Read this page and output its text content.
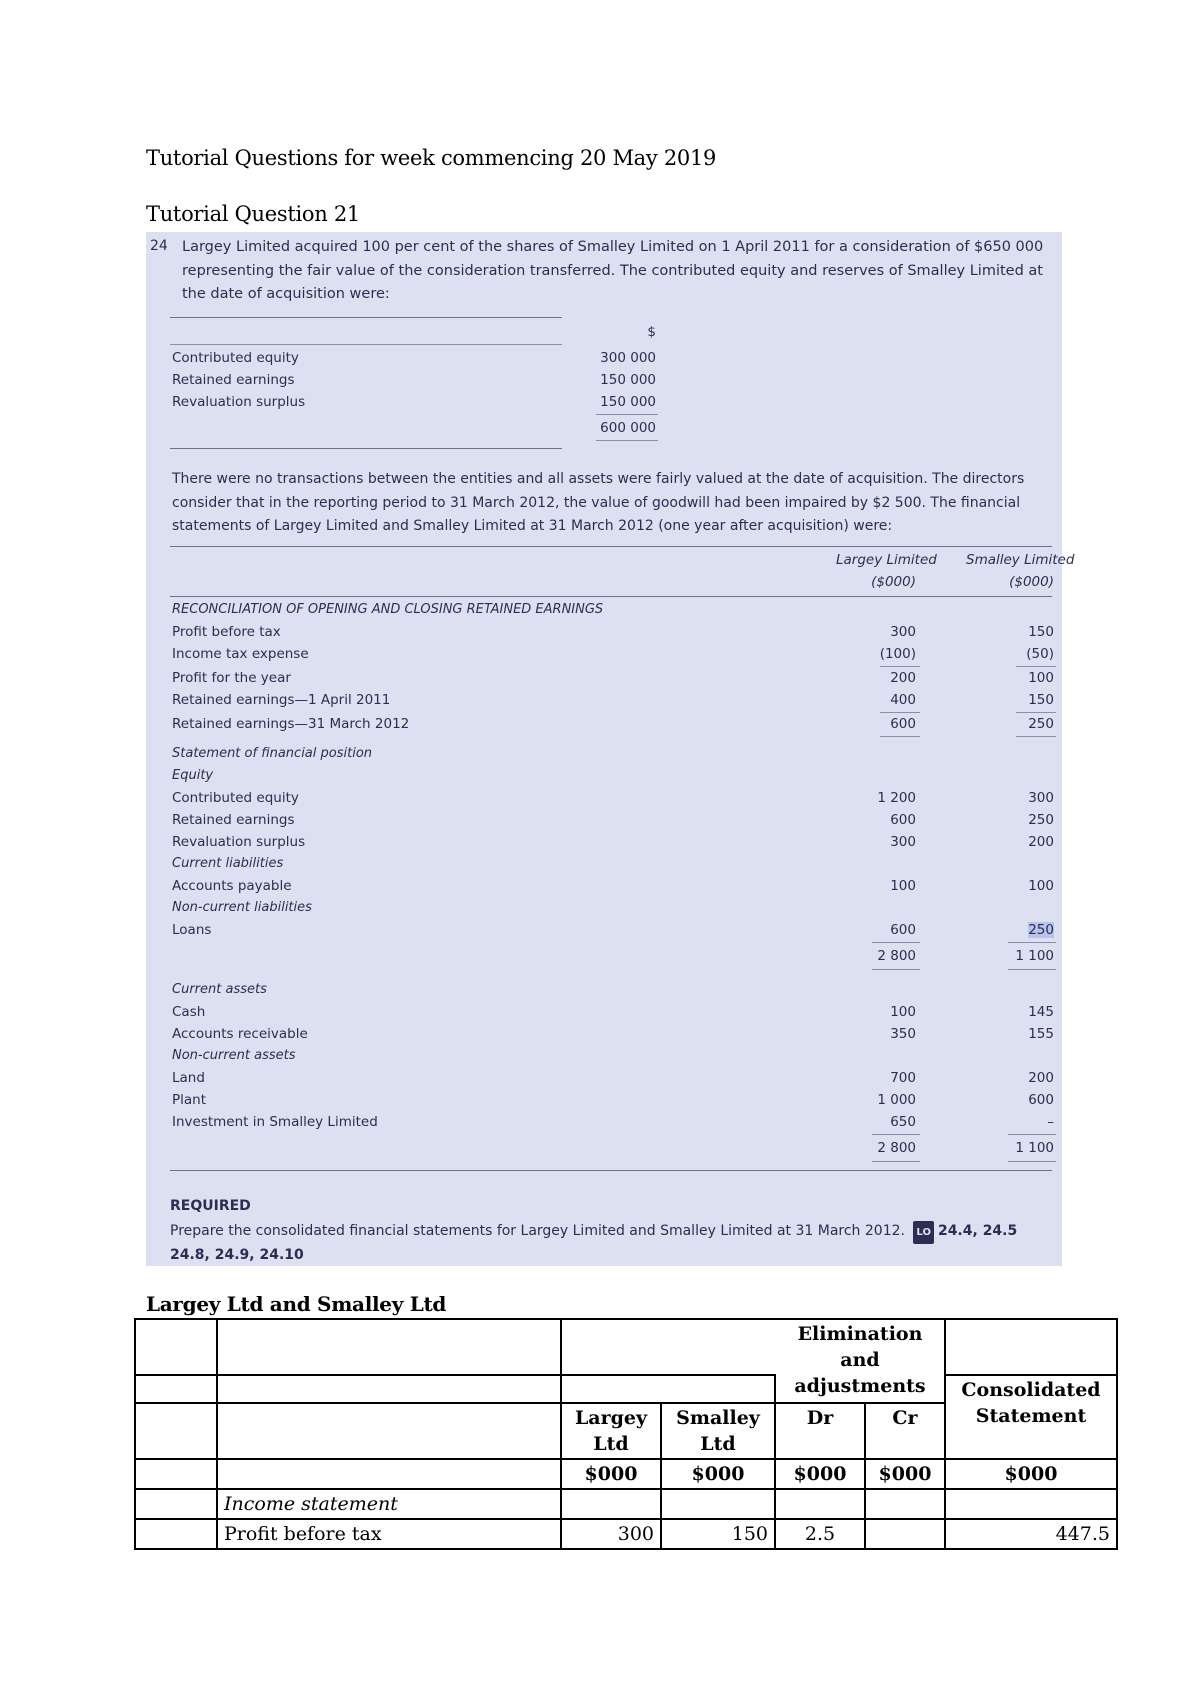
Tutorial Questions for week commencing 20 May 2019
Tutorial Question 21
24 Largey Limited acquired 100 per cent of the shares of Smalley Limited on 1 April 2011 for a consideration of $650 000 representing the fair value of the consideration transferred. The contributed equity and reserves of Smalley Limited at the date of acquisition were:
$
Contributed equity	300 000
Retained earnings	150 000
Revaluation surplus	150 000
600 000
There were no transactions between the entities and all assets were fairly valued at the date of acquisition. The directors consider that in the reporting period to 31 March 2012, the value of goodwill had been impaired by $2 500. The financial statements of Largey Limited and Smalley Limited at 31 March 2012 (one year after acquisition) were:
Largey Limited Smalley Limited
($000)	($000)
RECONCILIATION OF OPENING AND CLOSING RETAINED EARNINGS
Profit before tax	300	150
Income tax expense	(100)	(50)
Profit for the year	200	100
Retained earnings—1 April 2011	400	150
Retained earnings—31 March 2012	600	250
Statement of financial position
Equity
Contributed equity	1 200	300
Retained earnings	600	250
Revaluation surplus	300	200
Current liabilities
Accounts payable	100	100
Non-current liabilities
Loans	600	250
2 800	1 100
Current assets
Cash	100	145
Accounts receivable	350	155
Non-current assets
Land	700	200
Plant	1 000	600
Investment in Smalley Limited	650	–
2 800	1 100
REQUIRED
Prepare the consolidated financial statements for Largey Limited and Smalley Limited at 31 March 2012. LO 24.4, 24.5 24.8, 24.9, 24.10
Largey Ltd and Smalley Ltd
				Elimination and adjustments		
						Consolidated Statement
		Largey Ltd	Smalley Ltd	Dr	Cr	
		$000	$000	$000	$000	$000
	Income statement					
	Profit before tax	300	150	2.5		447.5
